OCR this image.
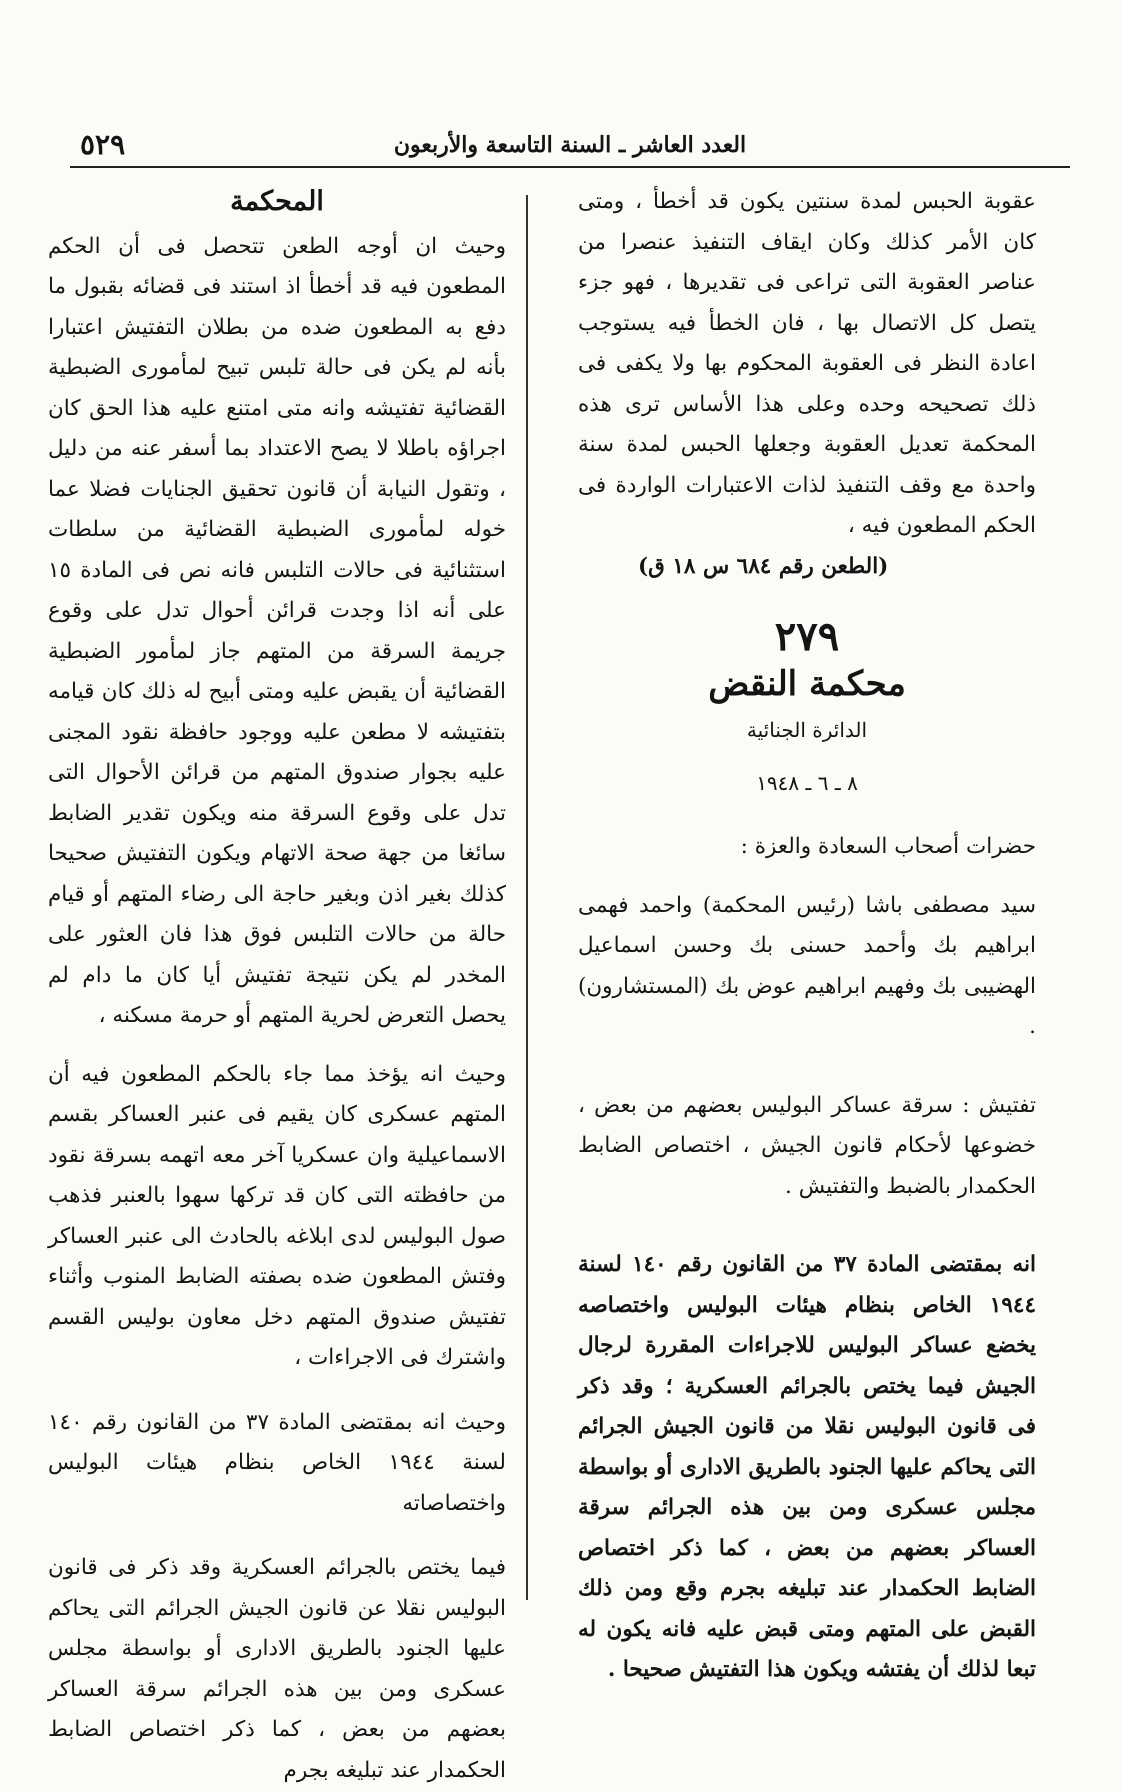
العدد العاشر ـ السنة التاسعة والأربعون
٥٢٩

عقوبة الحبس لمدة سنتين يكون قد أخطأ ، ومتى كان الأمر كذلك وكان ايقاف التنفيذ عنصرا من عناصر العقوبة التى تراعى فى تقديرها ، فهو جزء يتصل كل الاتصال بها ، فان الخطأ فيه يستوجب اعادة النظر فى العقوبة المحكوم بها ولا يكفى فى ذلك تصحيحه وحده وعلى هذا الأساس ترى هذه المحكمة تعديل العقوبة وجعلها الحبس لمدة سنة واحدة مع وقف التنفيذ لذات الاعتبارات الواردة فى الحكم المطعون فيه ،

(الطعن رقم ٦٨٤ س ١٨ ق)

٢٧٩
محكمة النقض
الدائرة الجنائية
٨ ـ ٦ ـ ١٩٤٨

حضرات أصحاب السعادة والعزة :

سيد مصطفى باشا (رئيس المحكمة) واحمد فهمى ابراهيم بك وأحمد حسنى بك وحسن اسماعيل الهضيبى بك وفهيم ابراهيم عوض بك (المستشارون) .

تفتيش : سرقة عساكر البوليس بعضهم من بعض ، خضوعها لأحكام قانون الجيش ، اختصاص الضابط الحكمدار بالضبط والتفتيش .

انه بمقتضى المادة ٣٧ من القانون رقم ١٤٠ لسنة ١٩٤٤ الخاص بنظام هيئات البوليس واختصاصه يخضع عساكر البوليس للاجراءات المقررة لرجال الجيش فيما يختص بالجرائم العسكرية ؛ وقد ذكر فى قانون البوليس نقلا من قانون الجيش الجرائم التى يحاكم عليها الجنود بالطريق الادارى أو بواسطة مجلس عسكرى ومن بين هذه الجرائم سرقة العساكر بعضهم من بعض ، كما ذكر اختصاص الضابط الحكمدار عند تبليغه بجرم وقع ومن ذلك القبض على المتهم ومتى قبض عليه فانه يكون له تبعا لذلك أن يفتشه ويكون هذا التفتيش صحيحا .

المحكمة

وحيث ان أوجه الطعن تتحصل فى أن الحكم المطعون فيه قد أخطأ اذ استند فى قضائه بقبول ما دفع به المطعون ضده من بطلان التفتيش اعتبارا بأنه لم يكن فى حالة تلبس تبيح لمأمورى الضبطية القضائية تفتيشه وانه متى امتنع عليه هذا الحق كان اجراؤه باطلا لا يصح الاعتداد بما أسفر عنه من دليل ، وتقول النيابة أن قانون تحقيق الجنايات فضلا عما خوله لمأمورى الضبطية القضائية من سلطات استثنائية فى حالات التلبس فانه نص فى المادة ١٥ على أنه اذا وجدت قرائن أحوال تدل على وقوع جريمة السرقة من المتهم جاز لمأمور الضبطية القضائية أن يقبض عليه ومتى أبيح له ذلك كان قيامه بتفتيشه لا مطعن عليه ووجود حافظة نقود المجنى عليه بجوار صندوق المتهم من قرائن الأحوال التى تدل على وقوع السرقة منه ويكون تقدير الضابط سائغا من جهة صحة الاتهام ويكون التفتيش صحيحا كذلك بغير اذن وبغير حاجة الى رضاء المتهم أو قيام حالة من حالات التلبس فوق هذا فان العثور على المخدر لم يكن نتيجة تفتيش أيا كان ما دام لم يحصل التعرض لحرية المتهم أو حرمة مسكنه ،

وحيث انه يؤخذ مما جاء بالحكم المطعون فيه أن المتهم عسكرى كان يقيم فى عنبر العساكر بقسم الاسماعيلية وان عسكريا آخر معه اتهمه بسرقة نقود من حافظته التى كان قد تركها سهوا بالعنبر فذهب صول البوليس لدى ابلاغه بالحادث الى عنبر العساكر وفتش المطعون ضده بصفته الضابط المنوب وأثناء تفتيش صندوق المتهم دخل معاون بوليس القسم واشترك فى الاجراءات ،

وحيث انه بمقتضى المادة ٣٧ من القانون رقم ١٤٠ لسنة ١٩٤٤ الخاص بنظام هيئات البوليس واختصاصاته

فيما يختص بالجرائم العسكرية وقد ذكر فى قانون البوليس نقلا عن قانون الجيش الجرائم التى يحاكم عليها الجنود بالطريق الادارى أو بواسطة مجلس عسكرى ومن بين هذه الجرائم سرقة العساكر بعضهم من بعض ، كما ذكر اختصاص الضابط الحكمدار عند تبليغه بجرم
